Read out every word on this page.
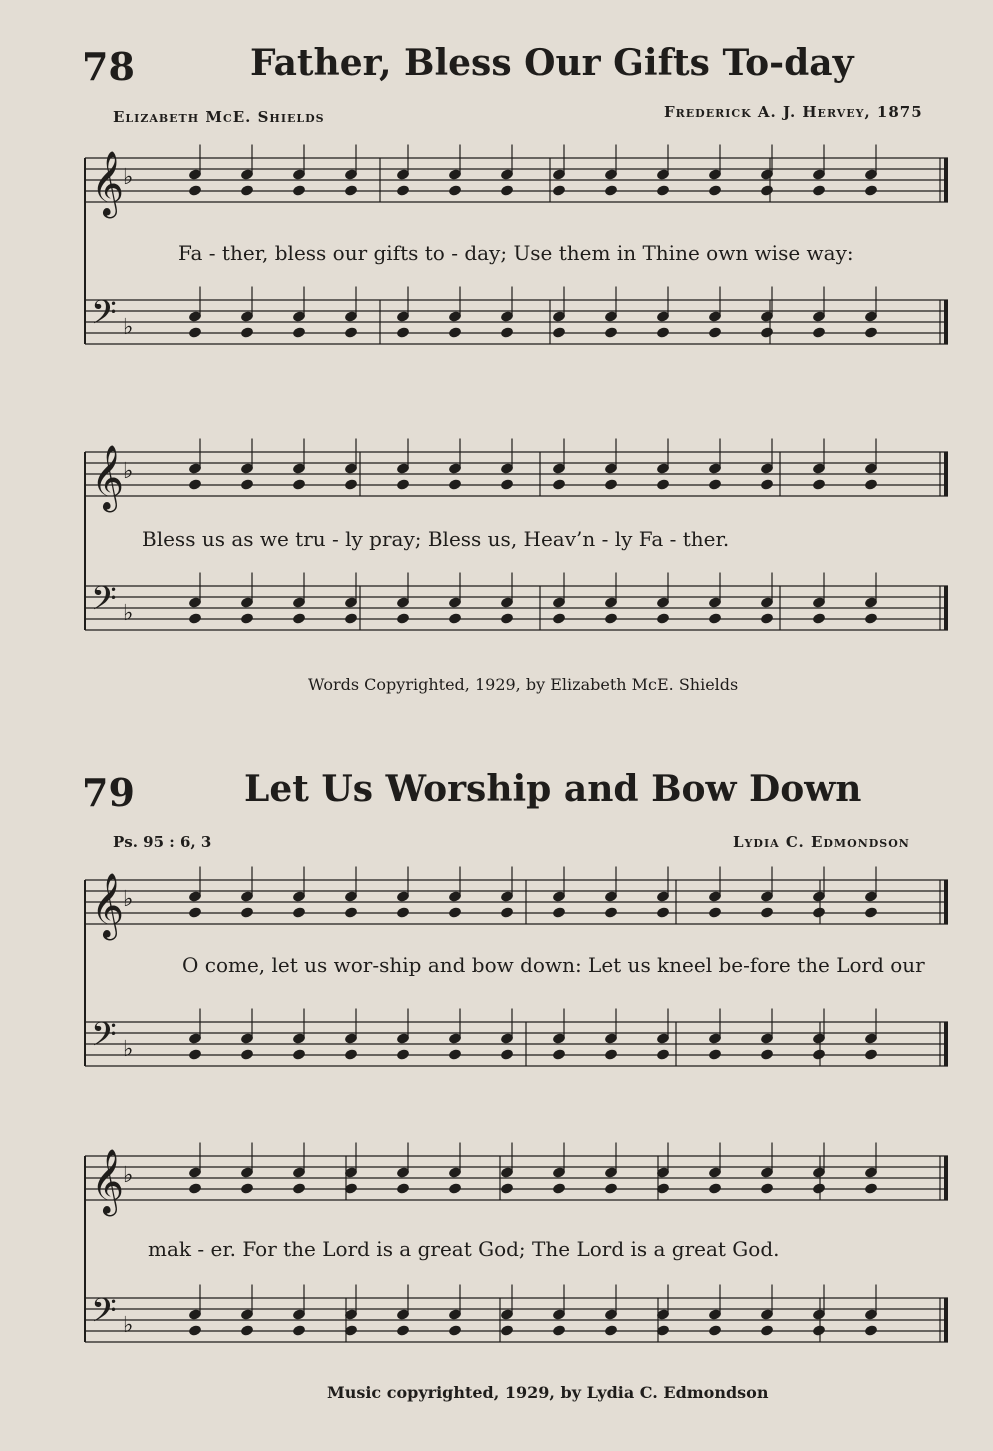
78	Father, Bless Our Gifts To-day
Elizabeth McE. Shields	Frederick A. J. Hervey, 1875
𝄞
♭
𝄢 ♭
Fa - ther, bless our gifts to - day; Use them in Thine own wise way:
𝄞
♭
𝄢 ♭
Bless us as we tru - ly pray; Bless us, Heav’n - ly Fa - ther.
Words Copyrighted, 1929, by Elizabeth McE. Shields
79	Let Us Worship and Bow Down
Ps. 95 : 6, 3	Lydia C. Edmondson
𝄞
♭
𝄢 ♭
O come, let us wor-ship and bow down: Let us kneel be-fore the Lord our
𝄞
♭
𝄢 ♭
mak - er. For the Lord is a great God; The Lord is a great God.
Music copyrighted, 1929, by Lydia C. Edmondson
